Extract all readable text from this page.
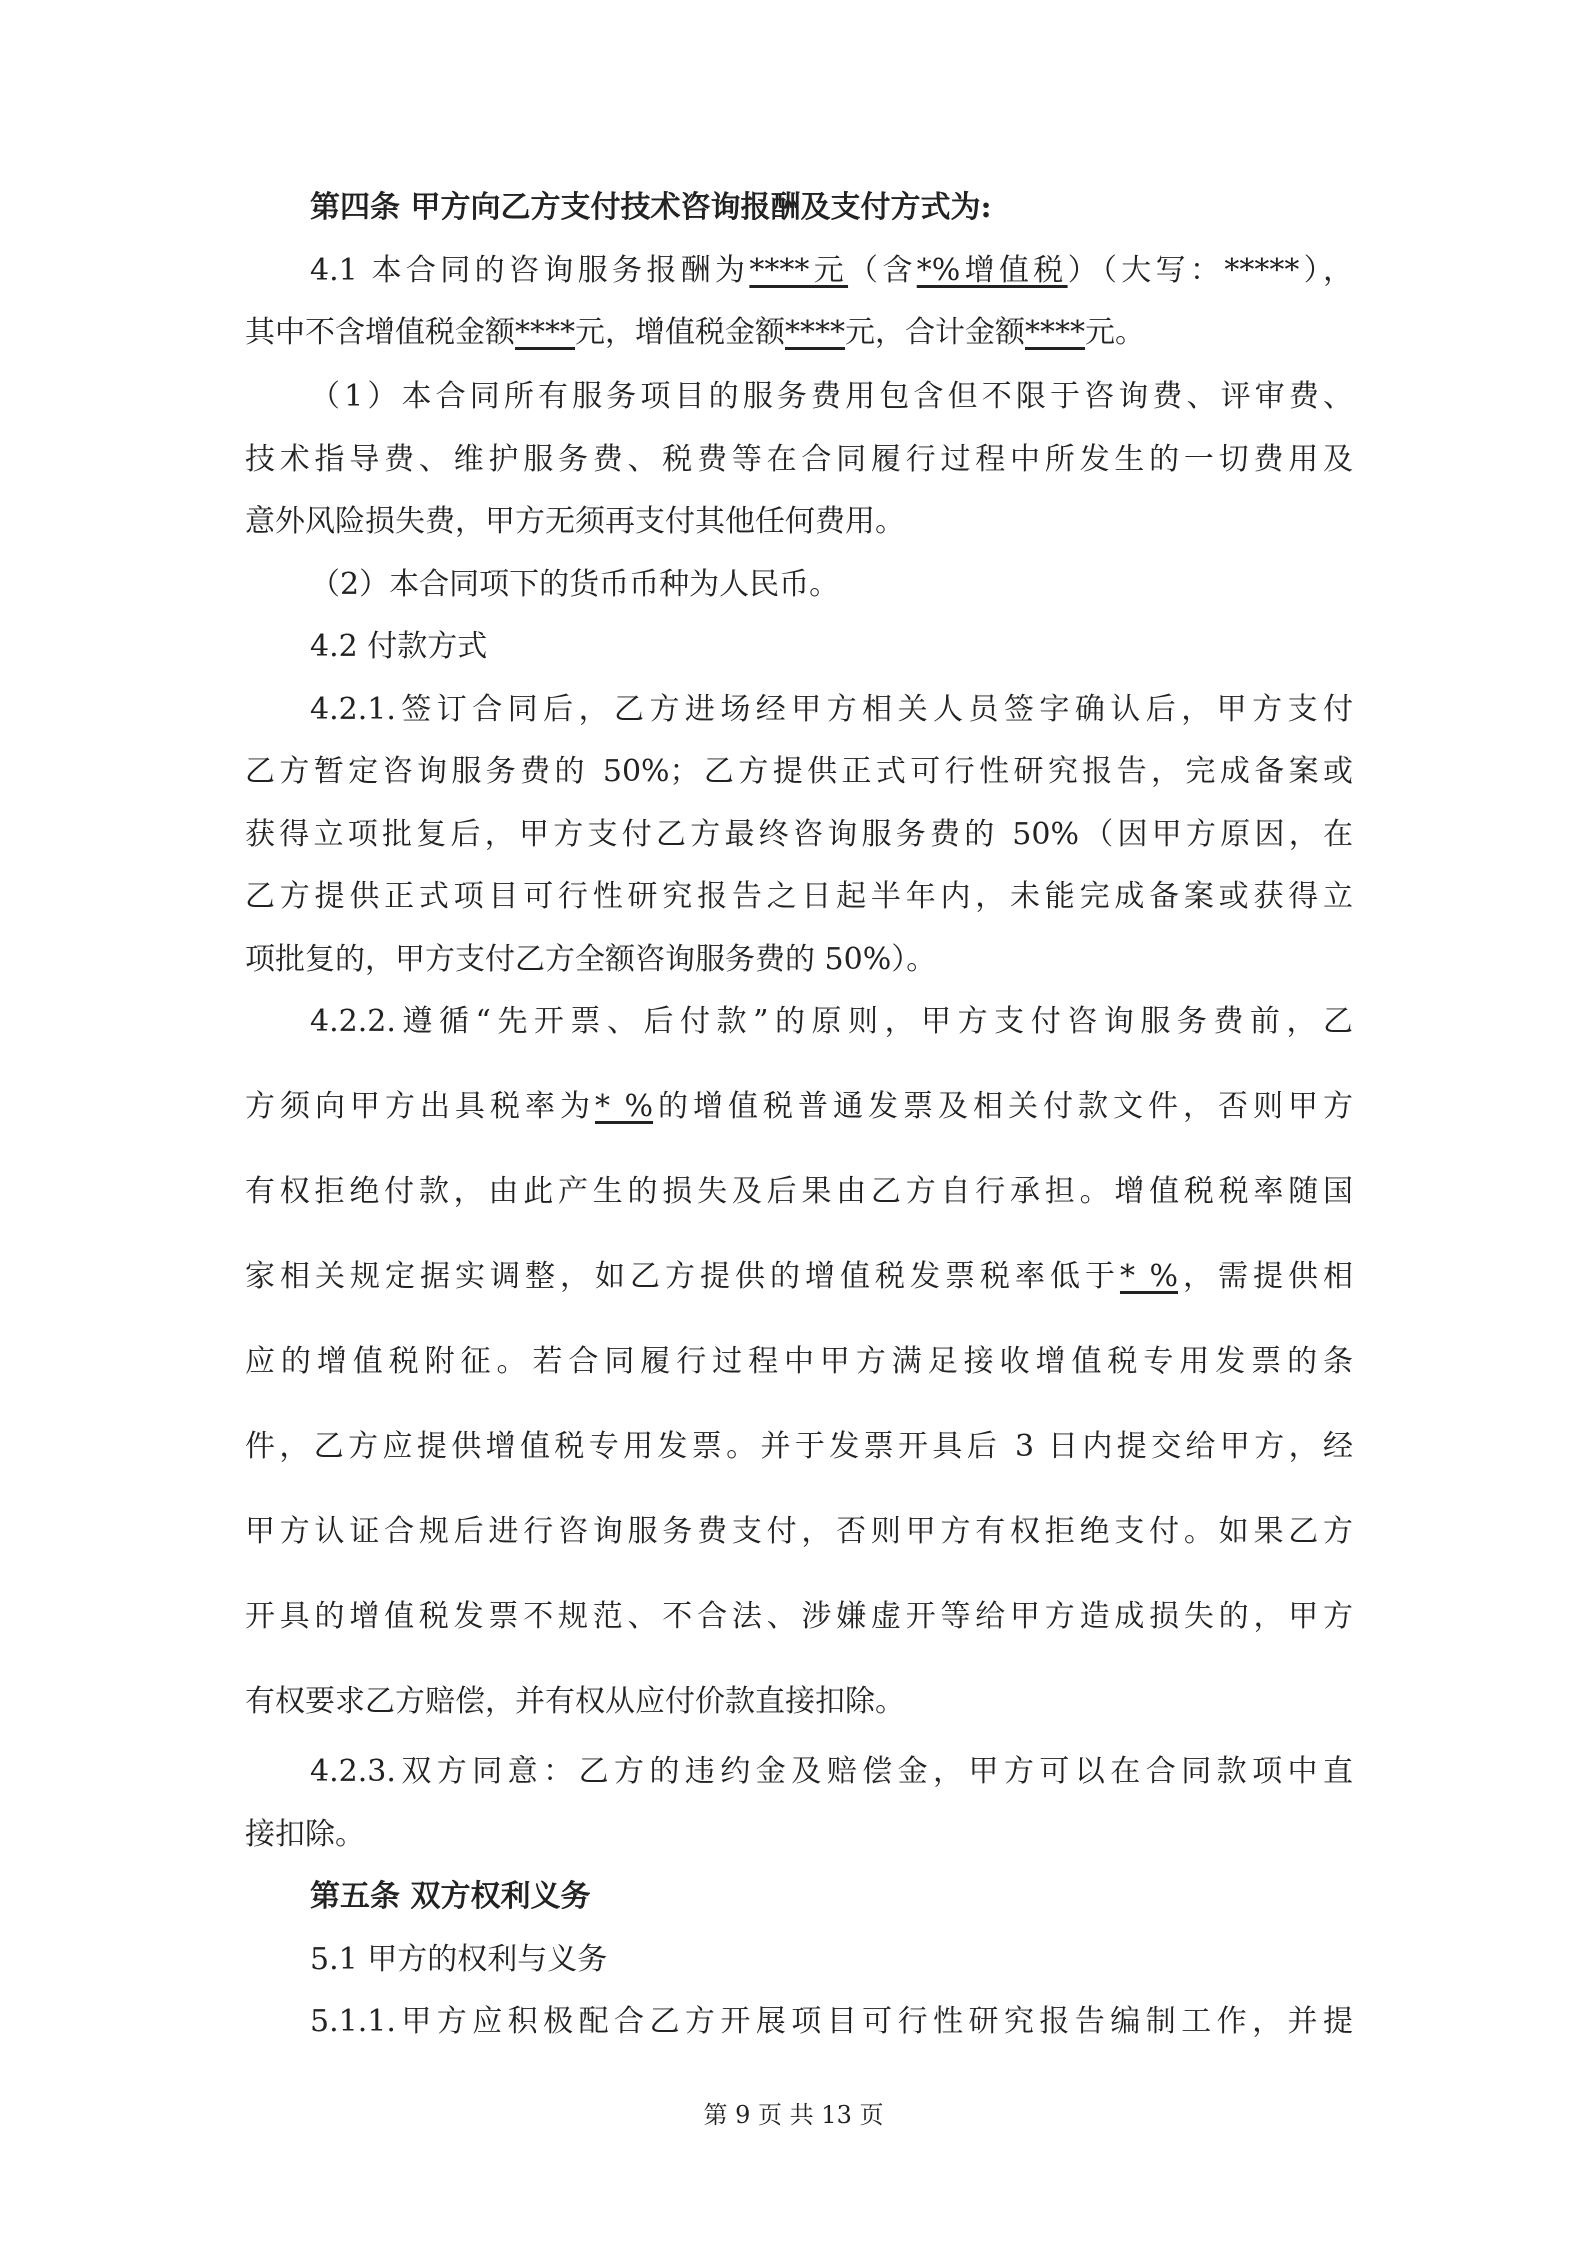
第四条 甲方向乙方支付技术咨询报酬及支付方式为:
4.1 本合同的咨询服务报酬为****元（含*%增值税）（大写：*****），
其中不含增值税金额****元，增值税金额****元，合计金额****元。
（1）本合同所有服务项目的服务费用包含但不限于咨询费、评审费、
技术指导费、维护服务费、税费等在合同履行过程中所发生的一切费用及
意外风险损失费，甲方无须再支付其他任何费用。
（2）本合同项下的货币币种为人民币。
4.2 付款方式
4.2.1.签订合同后，乙方进场经甲方相关人员签字确认后，甲方支付
乙方暂定咨询服务费的 50%；乙方提供正式可行性研究报告，完成备案或
获得立项批复后，甲方支付乙方最终咨询服务费的 50%（因甲方原因，在
乙方提供正式项目可行性研究报告之日起半年内，未能完成备案或获得立
项批复的，甲方支付乙方全额咨询服务费的 50%）。
4.2.2.遵循“先开票、后付款”的原则，甲方支付咨询服务费前，乙
方须向甲方出具税率为* %的增值税普通发票及相关付款文件，否则甲方
有权拒绝付款，由此产生的损失及后果由乙方自行承担。增值税税率随国
家相关规定据实调整，如乙方提供的增值税发票税率低于* %，需提供相
应的增值税附征。若合同履行过程中甲方满足接收增值税专用发票的条
件，乙方应提供增值税专用发票。并于发票开具后 3 日内提交给甲方，经
甲方认证合规后进行咨询服务费支付，否则甲方有权拒绝支付。如果乙方
开具的增值税发票不规范、不合法、涉嫌虚开等给甲方造成损失的，甲方
有权要求乙方赔偿，并有权从应付价款直接扣除。
4.2.3.双方同意：乙方的违约金及赔偿金，甲方可以在合同款项中直
接扣除。
第五条 双方权利义务
5.1 甲方的权利与义务
5.1.1.甲方应积极配合乙方开展项目可行性研究报告编制工作，并提
第 9 页 共 13 页
